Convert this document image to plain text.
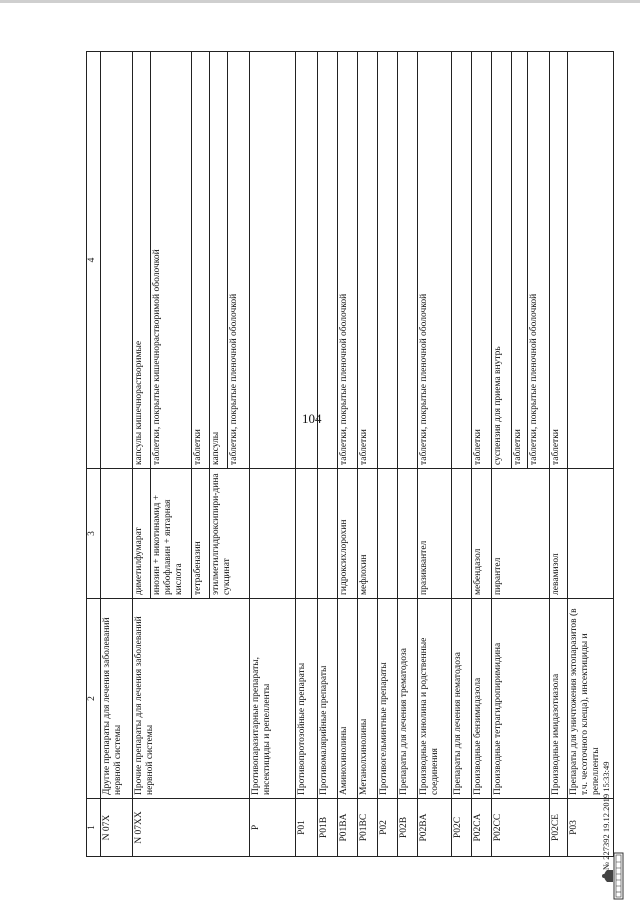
104
1	2	3	4
N 07X	Другие препараты для лечения заболеваний нервной системы		
N 07XX	Прочие препараты для лечения заболеваний нервной системы	диметилфумарат	капсулы кишечнорастворимые
		инозин + никотинамид + рибофлавин + янтарная кислота	таблетки, покрытые кишечнорастворимой оболочкой
		тетрабеназин	таблетки
		этилметилгидроксипири-дина сукцинат	капсулы
			таблетки, покрытые пленочной оболочкой
P	Противопаразитарные препараты, инсектициды и репелленты		
P01	Противопротозойные препараты		
P01B	Противомалярийные препараты		
P01BA	Аминохинолины	гидроксихлорохин	таблетки, покрытые пленочной оболочкой
P01BC	Метанолхинолины	мефлохин	таблетки
P02	Противогельминтные препараты		
P02B	Препараты для лечения трематодоза		
P02BA	Производные хинолина и родственные соединения	празиквантел	таблетки, покрытые пленочной оболочкой
P02C	Препараты для лечения нематодоза		
P02CA	Производные бензимидазола	мебендазол	таблетки
P02CC	Производные тетрагидропиримидина	пирантел	суспензия для приема внутрь
			таблетки
			таблетки, покрытые пленочной оболочкой
P02CE	Производные имидазотиазола	левамизол	таблетки
P03	Препараты для уничтожения эктопаразитов (в т.ч. чесоточного клеща), инсектициды и репелленты		№ 227392 19.12.2019 15:33:49
